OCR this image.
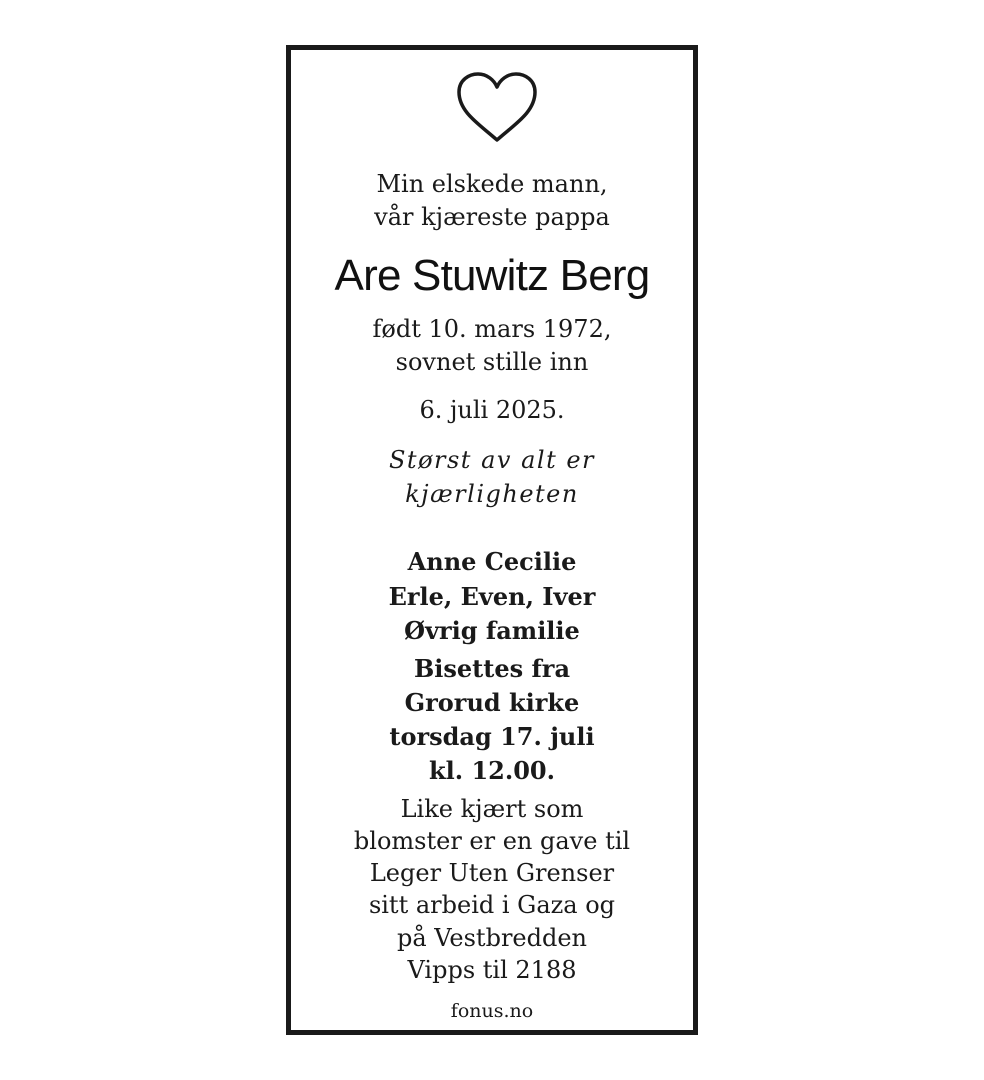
Min elskede mann,
vår kjæreste pappa
Are Stuwitz Berg
født 10. mars 1972,
sovnet stille inn
6. juli 2025.
Størst av alt er
kjærligheten
Anne Cecilie
Erle, Even, Iver
Øvrig familie
Bisettes fra
Grorud kirke
torsdag 17. juli
kl. 12.00.
Like kjært som
blomster er en gave til
Leger Uten Grenser
sitt arbeid i Gaza og
på Vestbredden
Vipps til 2188
fonus.no
